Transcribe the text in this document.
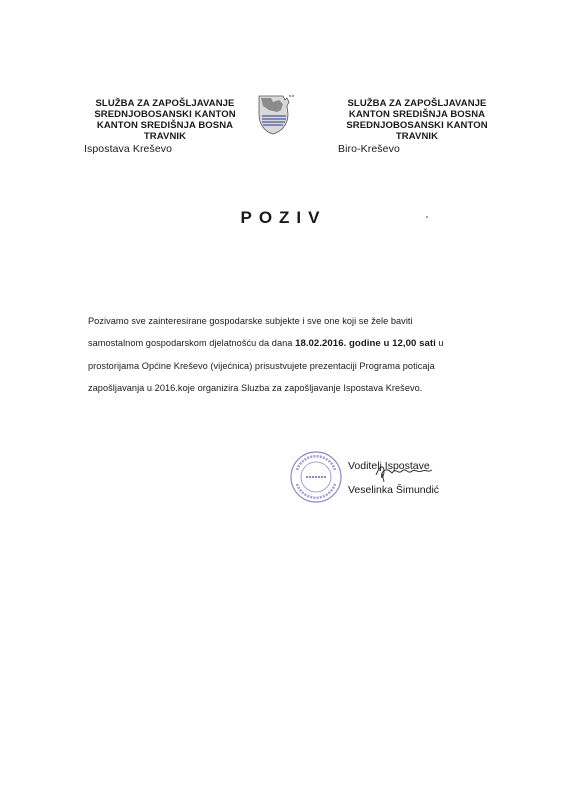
SLUŽBA ZA ZAPOŠLJAVANJE
SREDNJOBOSANSKI KANTON
KANTON SREDIŠNJA BOSNA
TRAVNIK
Ispostava Kreševo
SLUŽBA ZA ZAPOŠLJAVANJE
KANTON SREDIŠNJA BOSNA
SREDNJOBOSANSKI KANTON
TRAVNIK
Biro-Kreševo
POZIV
Pozivamo sve zainteresirane gospodarske subjekte i sve one koji se žele baviti
samostalnom gospodarskom djelatnošću da dana 18.02.2016. godine u 12,00 sati u
prostorijama Općine Kreševo (vijećnica) prisustvujete prezentaciji Programa poticaja
zapošljavanja u 2016.koje organizira Sluzba za zapošljavanje Ispostava Kreševo.
Voditelj Ispostave
Veselinka Šimundić
